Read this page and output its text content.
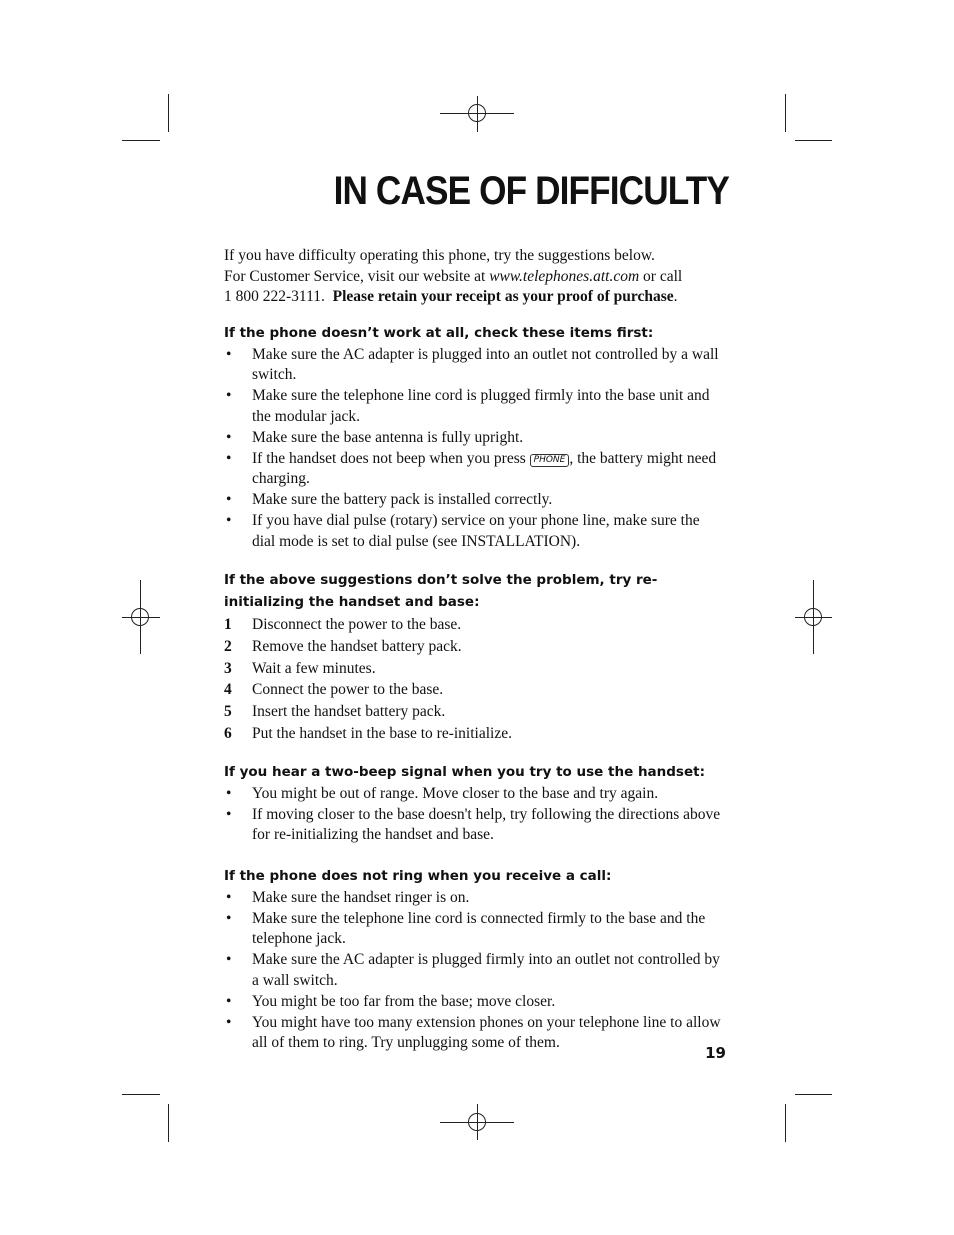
IN CASE OF DIFFICULTY

If you have difficulty operating this phone, try the suggestions below.
For Customer Service, visit our website at www.telephones.att.com or call
1 800 222-3111. Please retain your receipt as your proof of purchase.

If the phone doesn’t work at all, check these items first:
• Make sure the AC adapter is plugged into an outlet not controlled by a wall switch.
• Make sure the telephone line cord is plugged firmly into the base unit and the modular jack.
• Make sure the base antenna is fully upright.
• If the handset does not beep when you press PHONE , the battery might need charging.
• Make sure the battery pack is installed correctly.
• If you have dial pulse (rotary) service on your phone line, make sure the dial mode is set to dial pulse (see INSTALLATION).
If the above suggestions don’t solve the problem, try re-initializing the handset and base:
1 Disconnect the power to the base.
2 Remove the handset battery pack.
3 Wait a few minutes.
4 Connect the power to the base.
5 Insert the handset battery pack.
6 Put the handset in the base to re-initialize.
If you hear a two-beep signal when you try to use the handset:
• You might be out of range. Move closer to the base and try again.
• If moving closer to the base doesn't help, try following the directions above for re-initializing the handset and base.
If the phone does not ring when you receive a call:
• Make sure the handset ringer is on.
• Make sure the telephone line cord is connected firmly to the base and the telephone jack.
• Make sure the AC adapter is plugged firmly into an outlet not controlled by a wall switch.
• You might be too far from the base; move closer.
• You might have too many extension phones on your telephone line to allow all of them to ring. Try unplugging some of them.
19
